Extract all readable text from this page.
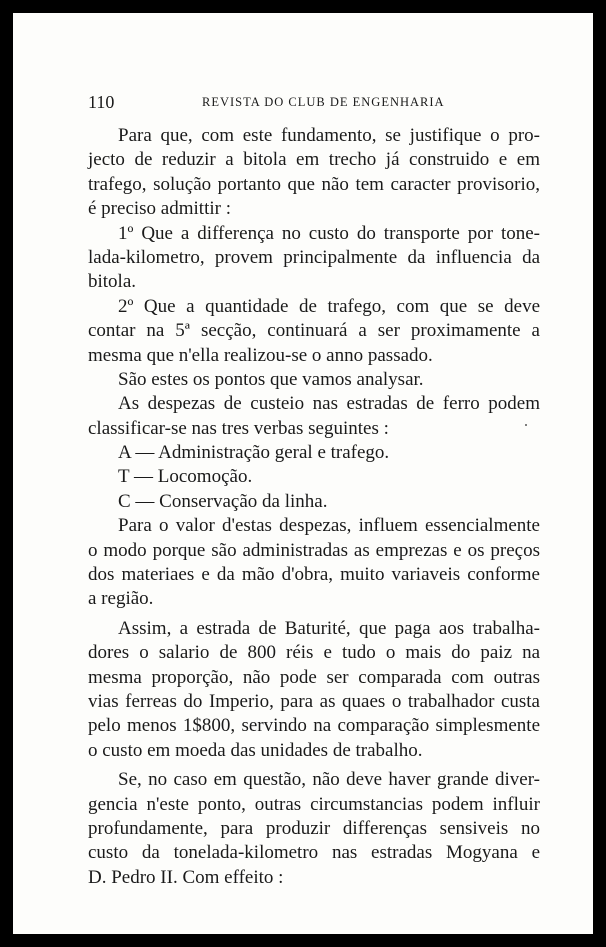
110	REVISTA DO CLUB DE ENGENHARIA
Para que, com este fundamento, se justifique o pro-
jecto de reduzir a bitola em trecho já construido e em
trafego, solução portanto que não tem caracter provisorio,
é preciso admittir :
1º Que a differença no custo do transporte por tone-
lada-kilometro, provem principalmente da influencia da
bitola.
2º Que a quantidade de trafego, com que se deve
contar na 5ª secção, continuará a ser proximamente a
mesma que n'ella realizou-se o anno passado.
São estes os pontos que vamos analysar.
As despezas de custeio nas estradas de ferro podem
classificar-se nas tres verbas seguintes :
A — Administração geral e trafego.
T — Locomoção.
C — Conservação da linha.
Para o valor d'estas despezas, influem essencialmente
o modo porque são administradas as emprezas e os preços
dos materiaes e da mão d'obra, muito variaveis conforme
a região.
Assim, a estrada de Baturité, que paga aos trabalha-
dores o salario de 800 réis e tudo o mais do paiz na
mesma proporção, não pode ser comparada com outras
vias ferreas do Imperio, para as quaes o trabalhador custa
pelo menos 1$800, servindo na comparação simplesmente
o custo em moeda das unidades de trabalho.
Se, no caso em questão, não deve haver grande diver-
gencia n'este ponto, outras circumstancias podem influir
profundamente, para produzir differenças sensiveis no
custo da tonelada-kilometro nas estradas Mogyana e
D. Pedro II. Com effeito :
